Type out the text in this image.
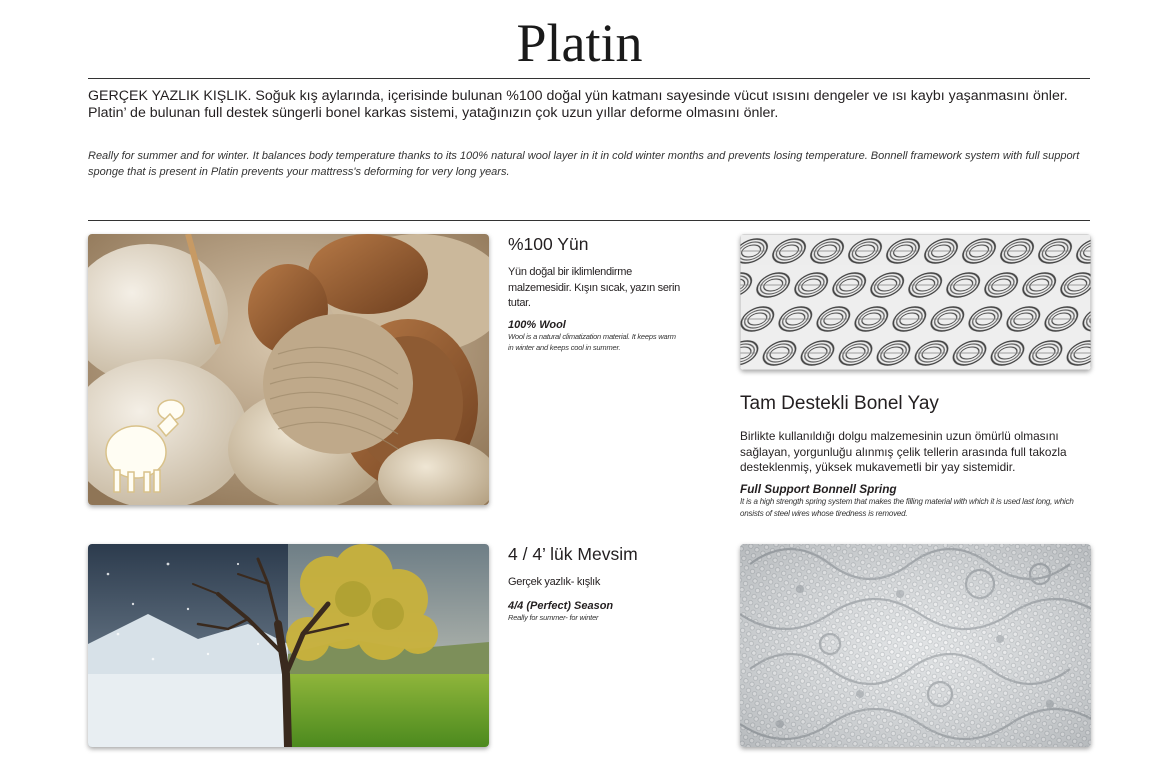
Platin

GERÇEK YAZLIK KIŞLIK. Soğuk kış aylarında, içerisinde bulunan %100 doğal yün katmanı sayesinde vücut ısısını dengeler ve ısı kaybı yaşanmasını önler. Platin’ de bulunan full destek süngerli bonel karkas sistemi, yatağınızın çok uzun yıllar deforme olmasını önler.

Really for summer and for winter. It balances body temperature thanks to its 100% natural wool layer in it in cold winter months and prevents losing temperature. Bonnell framework system with full support sponge that is present in Platin prevents your mattress's deforming for very long years.

%100 Yün

Yün doğal bir iklimlendirme malzemesidir. Kışın sıcak, yazın serin tutar.

100% Wool

Wool is a natural climatization material. It keeps warm in winter and keeps cool in summer.

Tam Destekli Bonel Yay

Birlikte kullanıldığı dolgu malzemesinin uzun ömürlü olmasını sağlayan, yorgunluğu alınmış çelik tellerin arasında full takozla desteklenmiş, yüksek mukavemetli bir yay sistemidir.

Full Support Bonnell Spring

It is a high strength spring system that makes the filling material with which it is used last long, which onsists of steel wires whose tiredness is removed.

4 / 4’ lük Mevsim

Gerçek yazlık- kışlık

4/4 (Perfect) Season

Really for summer- for winter
